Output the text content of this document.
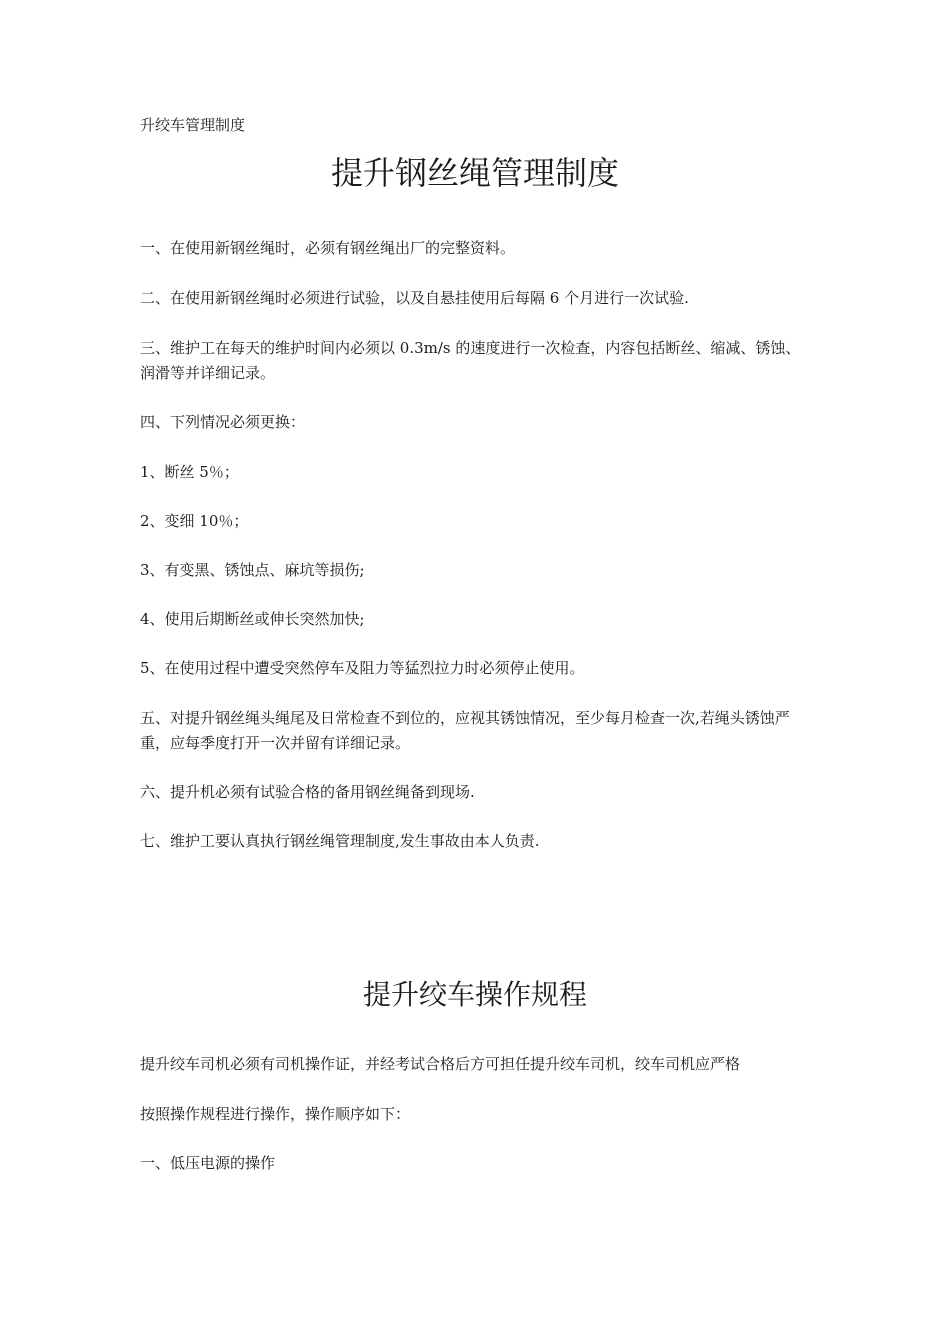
升绞车管理制度
提升钢丝绳管理制度

一、在使用新钢丝绳时，必须有钢丝绳出厂的完整资料。

二、在使用新钢丝绳时必须进行试验，以及自悬挂使用后每隔 6 个月进行一次试验.

三、维护工在每天的维护时间内必须以 0.3m/s 的速度进行一次检查，内容包括断丝、缩减、锈蚀、润滑等并详细记录。

四、下列情况必须更换：

1、断丝 5％；

2、变细 10％；

3、有变黑、锈蚀点、麻坑等损伤;

4、使用后期断丝或伸长突然加快;

5、在使用过程中遭受突然停车及阻力等猛烈拉力时必须停止使用。

五、对提升钢丝绳头绳尾及日常检查不到位的，应视其锈蚀情况，至少每月检查一次,若绳头锈蚀严重，应每季度打开一次并留有详细记录。

六、提升机必须有试验合格的备用钢丝绳备到现场.

七、维护工要认真执行钢丝绳管理制度,发生事故由本人负责.

提升绞车操作规程

提升绞车司机必须有司机操作证，并经考试合格后方可担任提升绞车司机，绞车司机应严格

按照操作规程进行操作，操作顺序如下：

一、低压电源的操作
